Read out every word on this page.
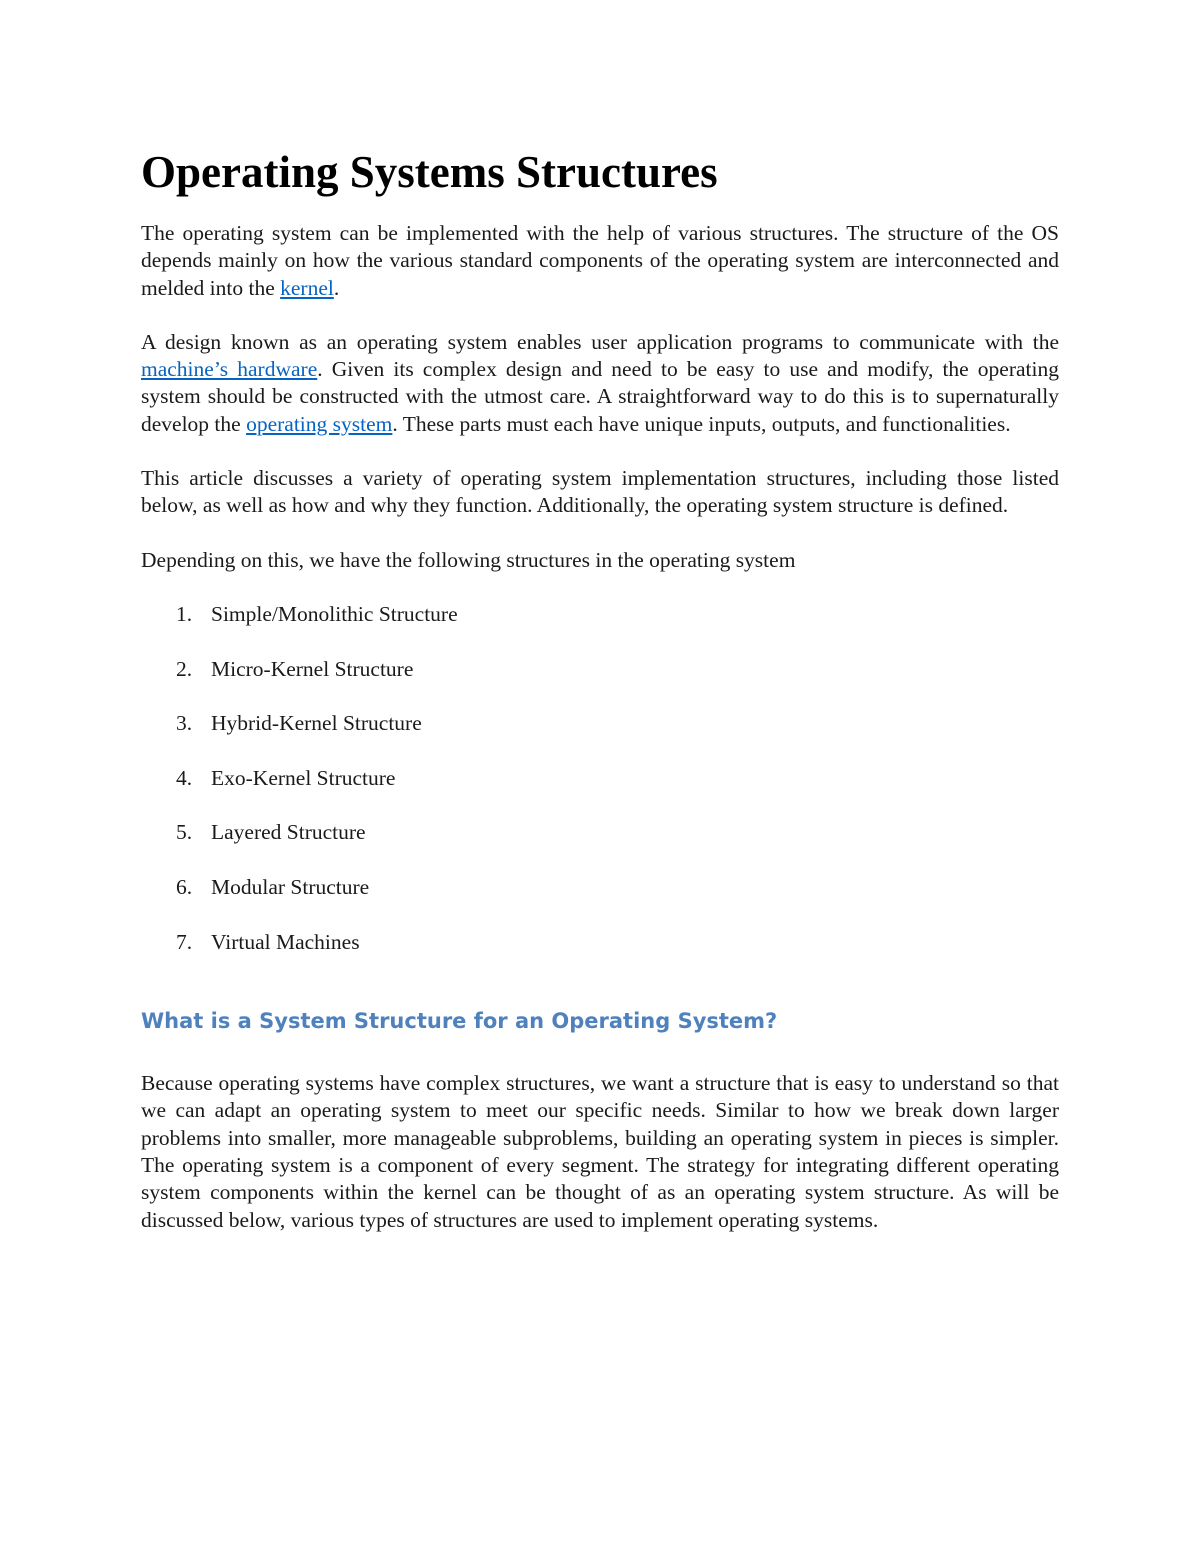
Operating Systems Structures

The operating system can be implemented with the help of various structures. The structure of the OS depends mainly on how the various standard components of the operating system are interconnected and melded into the kernel.

A design known as an operating system enables user application programs to communicate with the machine’s hardware. Given its complex design and need to be easy to use and modify, the operating system should be constructed with the utmost care. A straightforward way to do this is to supernaturally develop the operating system. These parts must each have unique inputs, outputs, and functionalities.

This article discusses a variety of operating system implementation structures, including those listed below, as well as how and why they function. Additionally, the operating system structure is defined.

Depending on this, we have the following structures in the operating system

1. Simple/Monolithic Structure
2. Micro-Kernel Structure
3. Hybrid-Kernel Structure
4. Exo-Kernel Structure
5. Layered Structure
6. Modular Structure
7. Virtual Machines
What is a System Structure for an Operating System?

Because operating systems have complex structures, we want a structure that is easy to understand so that we can adapt an operating system to meet our specific needs. Similar to how we break down larger problems into smaller, more manageable subproblems, building an operating system in pieces is simpler. The operating system is a component of every segment. The strategy for integrating different operating system components within the kernel can be thought of as an operating system structure. As will be discussed below, various types of structures are used to implement operating systems.
